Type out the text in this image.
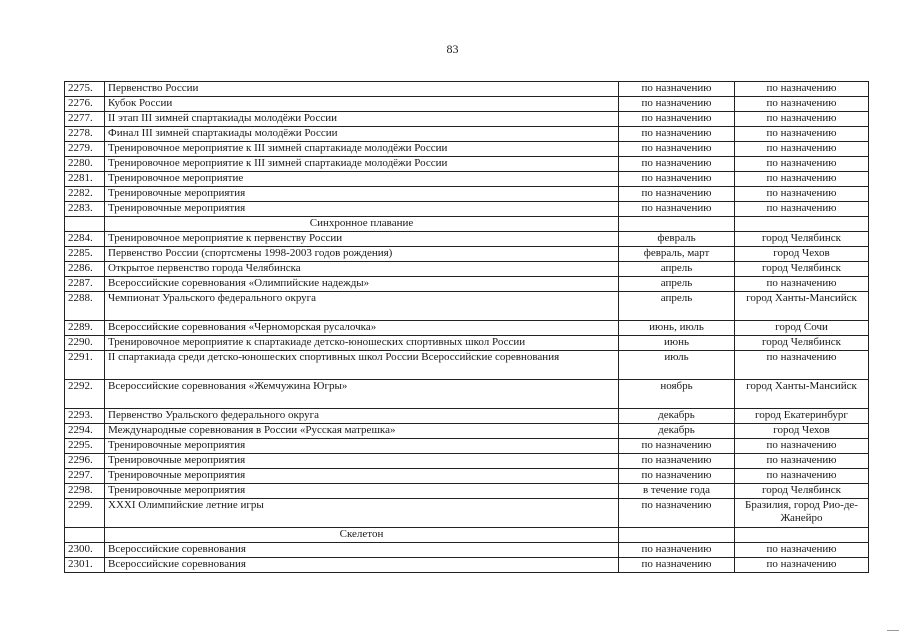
83
2275.	Первенство России	по назначению	по назначению
2276.	Кубок России	по назначению	по назначению
2277.	II этап III зимней спартакиады молодёжи России	по назначению	по назначению
2278.	Финал III зимней спартакиады молодёжи России	по назначению	по назначению
2279.	Тренировочное мероприятие к III зимней спартакиаде молодёжи России	по назначению	по назначению
2280.	Тренировочное мероприятие к III зимней спартакиаде молодёжи России	по назначению	по назначению
2281.	Тренировочное мероприятие	по назначению	по назначению
2282.	Тренировочные мероприятия	по назначению	по назначению
2283.	Тренировочные мероприятия	по назначению	по назначению
	Синхронное плавание		
2284.	Тренировочное мероприятие к первенству России	февраль	город Челябинск
2285.	Первенство России (спортсмены 1998-2003 годов рождения)	февраль, март	город Чехов
2286.	Открытое первенство города Челябинска	апрель	город Челябинск
2287.	Всероссийские соревнования «Олимпийские надежды»	апрель	по назначению
2288.	Чемпионат Уральского федерального округа	апрель	город Ханты-Мансийск
2289.	Всероссийские соревнования «Черноморская русалочка»	июнь, июль	город Сочи
2290.	Тренировочное мероприятие к спартакиаде детско-юношеских спортивных школ России	июнь	город Челябинск
2291.	II спартакиада среди детско-юношеских спортивных школ России Всероссийские соревнования	июль	по назначению
2292.	Всероссийские соревнования «Жемчужина Югры»	ноябрь	город Ханты-Мансийск
2293.	Первенство Уральского федерального округа	декабрь	город Екатеринбург
2294.	Международные соревнования в России «Русская матрешка»	декабрь	город Чехов
2295.	Тренировочные мероприятия	по назначению	по назначению
2296.	Тренировочные мероприятия	по назначению	по назначению
2297.	Тренировочные мероприятия	по назначению	по назначению
2298.	Тренировочные мероприятия	в течение года	город Челябинск
2299.	XXXI Олимпийские летние игры	по назначению	Бразилия, город Рио-де-Жанейро
	Скелетон		
2300.	Всероссийские соревнования	по назначению	по назначению
2301.	Всероссийские соревнования	по назначению	по назначению
